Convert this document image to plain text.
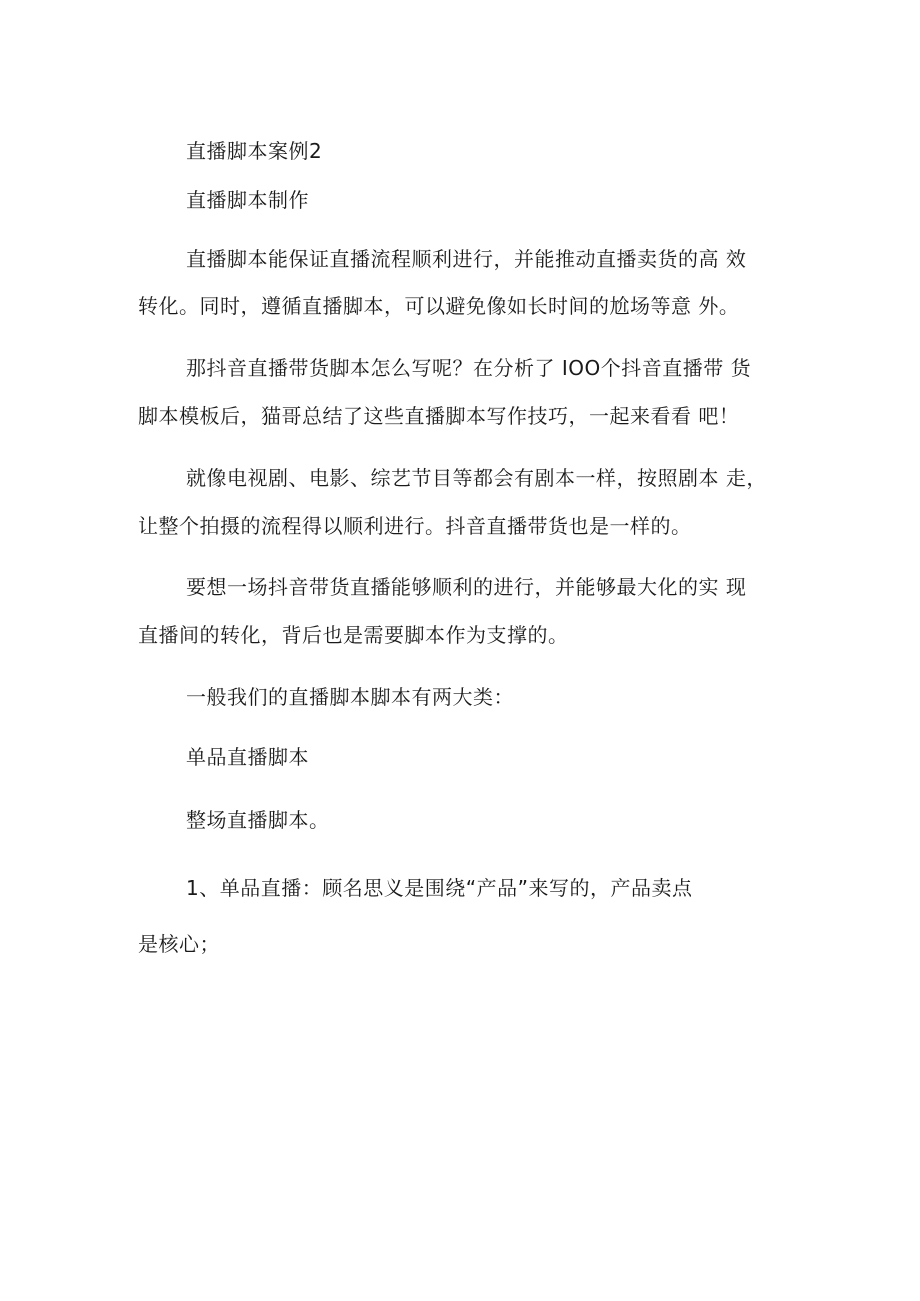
直播脚本案例2
直播脚本制作
直播脚本能保证直播流程顺利进行，并能推动直播卖货的高 效
转化。同时，遵循直播脚本，可以避免像如长时间的尬场等意 外。
那抖音直播带货脚本怎么写呢？在分析了 IOO个抖音直播带 货
脚本模板后，猫哥总结了这些直播脚本写作技巧，一起来看看 吧！
就像电视剧、电影、综艺节目等都会有剧本一样，按照剧本 走，
让整个拍摄的流程得以顺利进行。抖音直播带货也是一样的。
要想一场抖音带货直播能够顺利的进行，并能够最大化的实 现
直播间的转化，背后也是需要脚本作为支撑的。
一般我们的直播脚本脚本有两大类：
单品直播脚本
整场直播脚本。
1、单品直播：顾名思义是围绕“产品”来写的，产品卖点
是核心；
